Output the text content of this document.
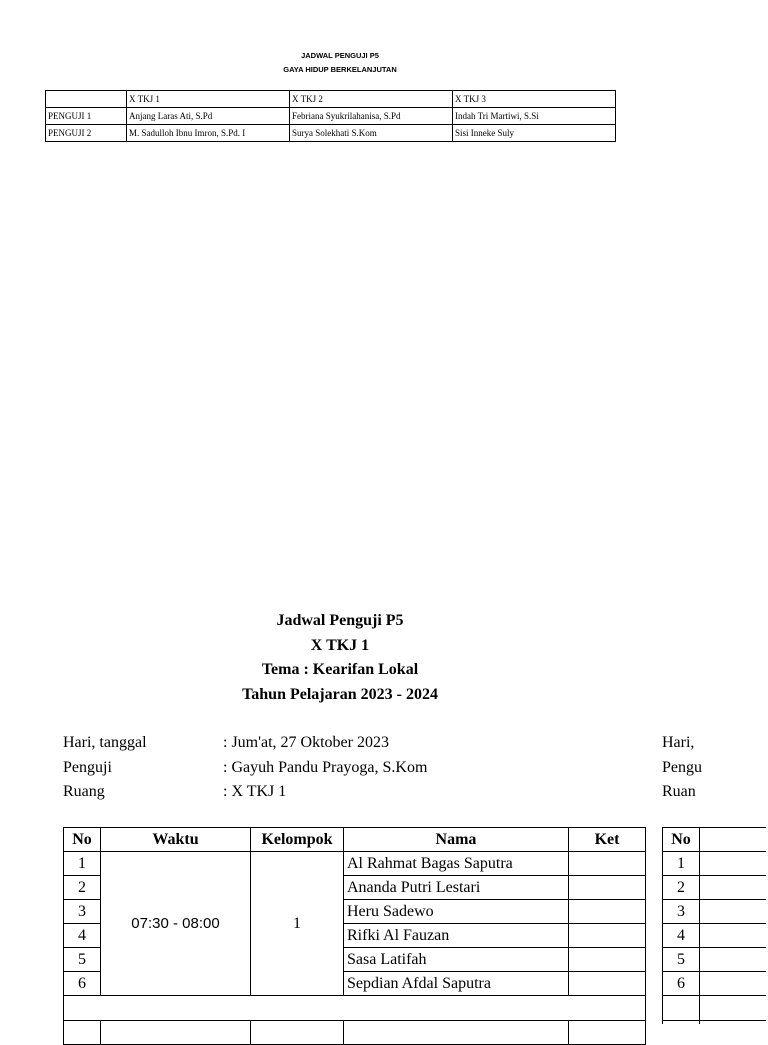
JADWAL PENGUJI P5
GAYA HIDUP BERKELANJUTAN
	X TKJ 1	X TKJ 2	X TKJ 3
PENGUJI 1	Anjang Laras Ati, S.Pd	Febriana Syukrilahanisa, S.Pd	Indah Tri Martiwi, S.Si
PENGUJI 2	M. Sadulloh Ibnu Imron, S.Pd. I	Surya Solekhati S.Kom	Sisi Inneke Suly
Jadwal Penguji P5
X TKJ 1
Tema : Kearifan Lokal
Tahun Pelajaran 2023 - 2024
Hari, tanggal	: Jum'at, 27 Oktober 2023
Penguji	: Gayuh Pandu Prayoga, S.Kom
Ruang	: X TKJ 1
No	Waktu	Kelompok	Nama	Ket
1	07:30 - 08:00	1	Al Rahmat Bagas Saputra	
2			Ananda Putri Lestari	
3			Heru Sadewo	
4			Rifki Al Fauzan	
5			Sasa Latifah	
6			Sepdian Afdal Saputra	

Hari,
Pengu
Ruan
No	
1	
2	
3	
4	
5	
6	
